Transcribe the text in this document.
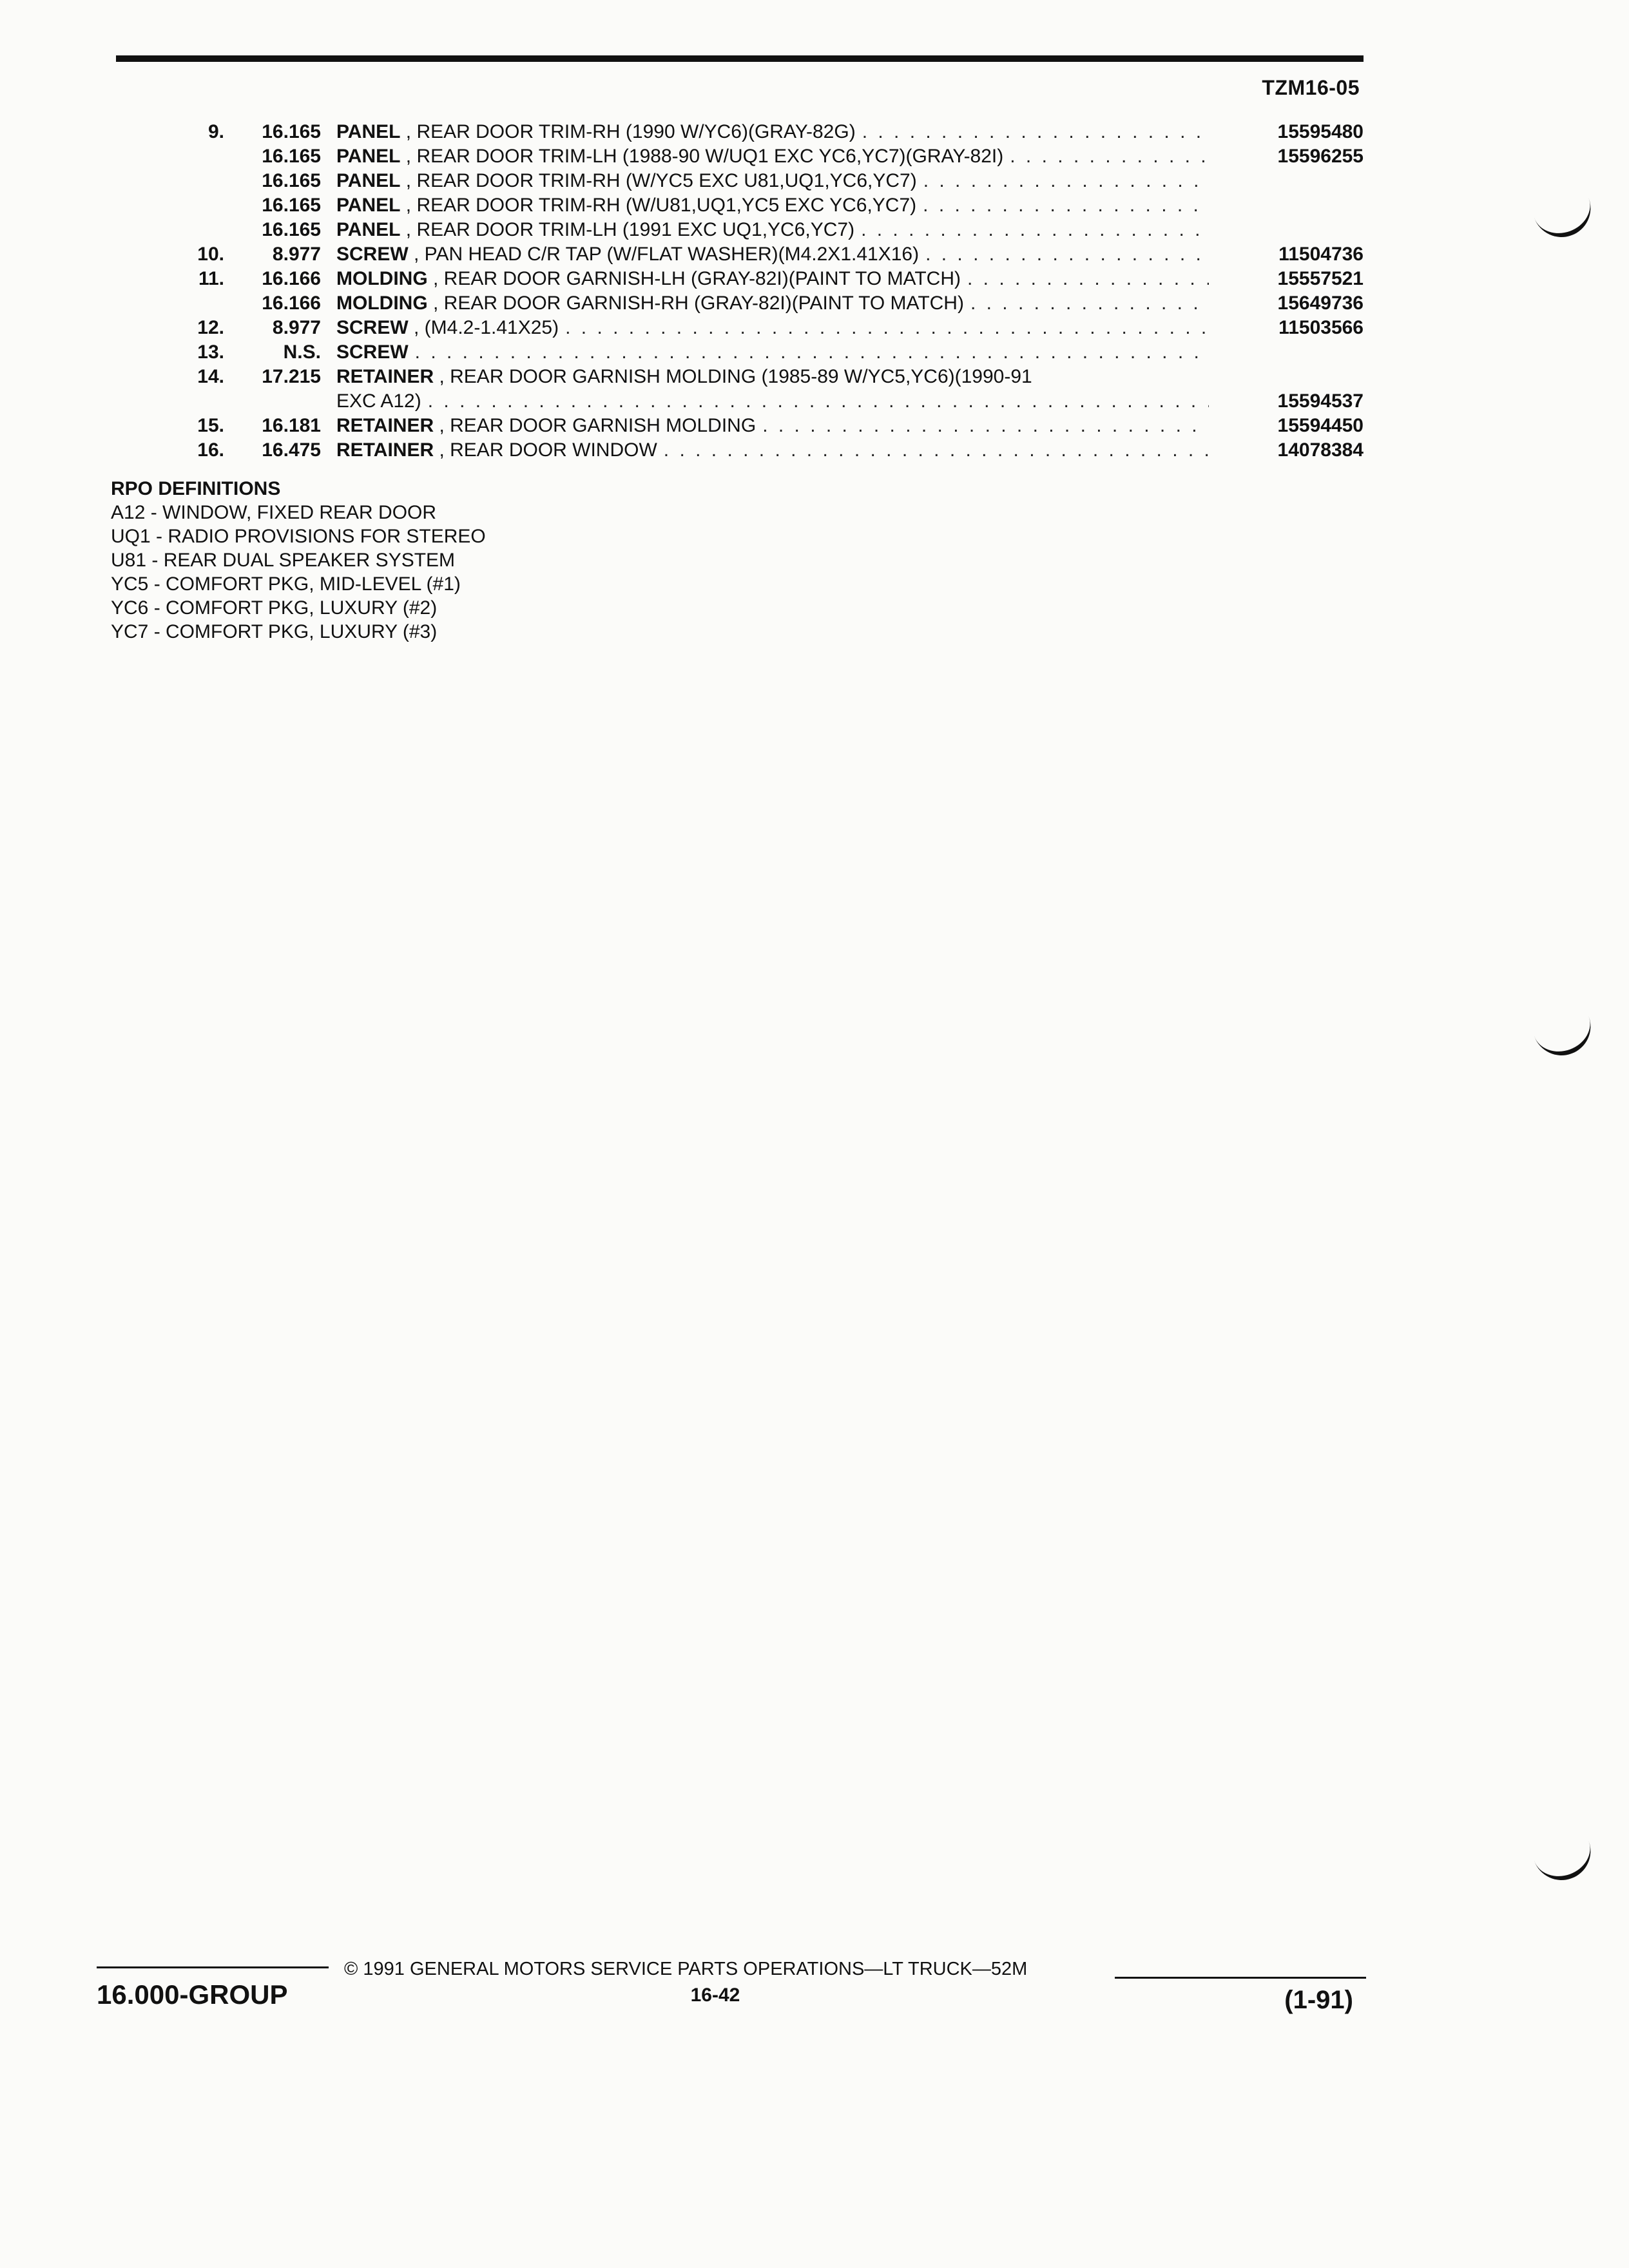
TZM16-05
9.	16.165 PANEL , REAR DOOR TRIM-RH (1990 W/YC6)(GRAY-82G) . . .	15595480
16.165 PANEL , REAR DOOR TRIM-LH (1988-90 W/UQ1 EXC YC6,YC7)(GRAY-82I) . . .	15596255
16.165 PANEL , REAR DOOR TRIM-RH (W/YC5 EXC U81,UQ1,YC6,YC7)
. . .
16.165 PANEL , REAR DOOR TRIM-RH (W/U81,UQ1,YC5 EXC YC6,YC7)
. . .
16.165 PANEL , REAR DOOR TRIM-LH (1991 EXC UQ1,YC6,YC7)
. . .
10.	8.977 SCREW , PAN HEAD C/R TAP (W/FLAT WASHER)(M4.2X1.41X16) . . .	11504736
11.	16.166 MOLDING , REAR DOOR GARNISH-LH (GRAY-82I)(PAINT TO MATCH) . . .	15557521
16.166 MOLDING , REAR DOOR GARNISH-RH (GRAY-82I)(PAINT TO MATCH) . . .	15649736
12.	8.977 SCREW , (M4.2-1.41X25) . . .	11503566
13.	N.S. SCREW
. . .
14.	17.215 RETAINER , REAR DOOR GARNISH MOLDING (1985-89 W/YC5,YC6)(1990-91
EXC A12) . . .	15594537
15.	16.181 RETAINER , REAR DOOR GARNISH MOLDING . . .	15594450
16.	16.475 RETAINER , REAR DOOR WINDOW . . .	14078384
RPO DEFINITIONS
A12 - WINDOW, FIXED REAR DOOR
UQ1 - RADIO PROVISIONS FOR STEREO
U81 - REAR DUAL SPEAKER SYSTEM
YC5 - COMFORT PKG, MID-LEVEL (#1)
YC6 - COMFORT PKG, LUXURY (#2)
YC7 - COMFORT PKG, LUXURY (#3)
16.000-GROUP
© 1991 GENERAL MOTORS SERVICE PARTS OPERATIONS—LT TRUCK—52M
16-42	(1-91)
